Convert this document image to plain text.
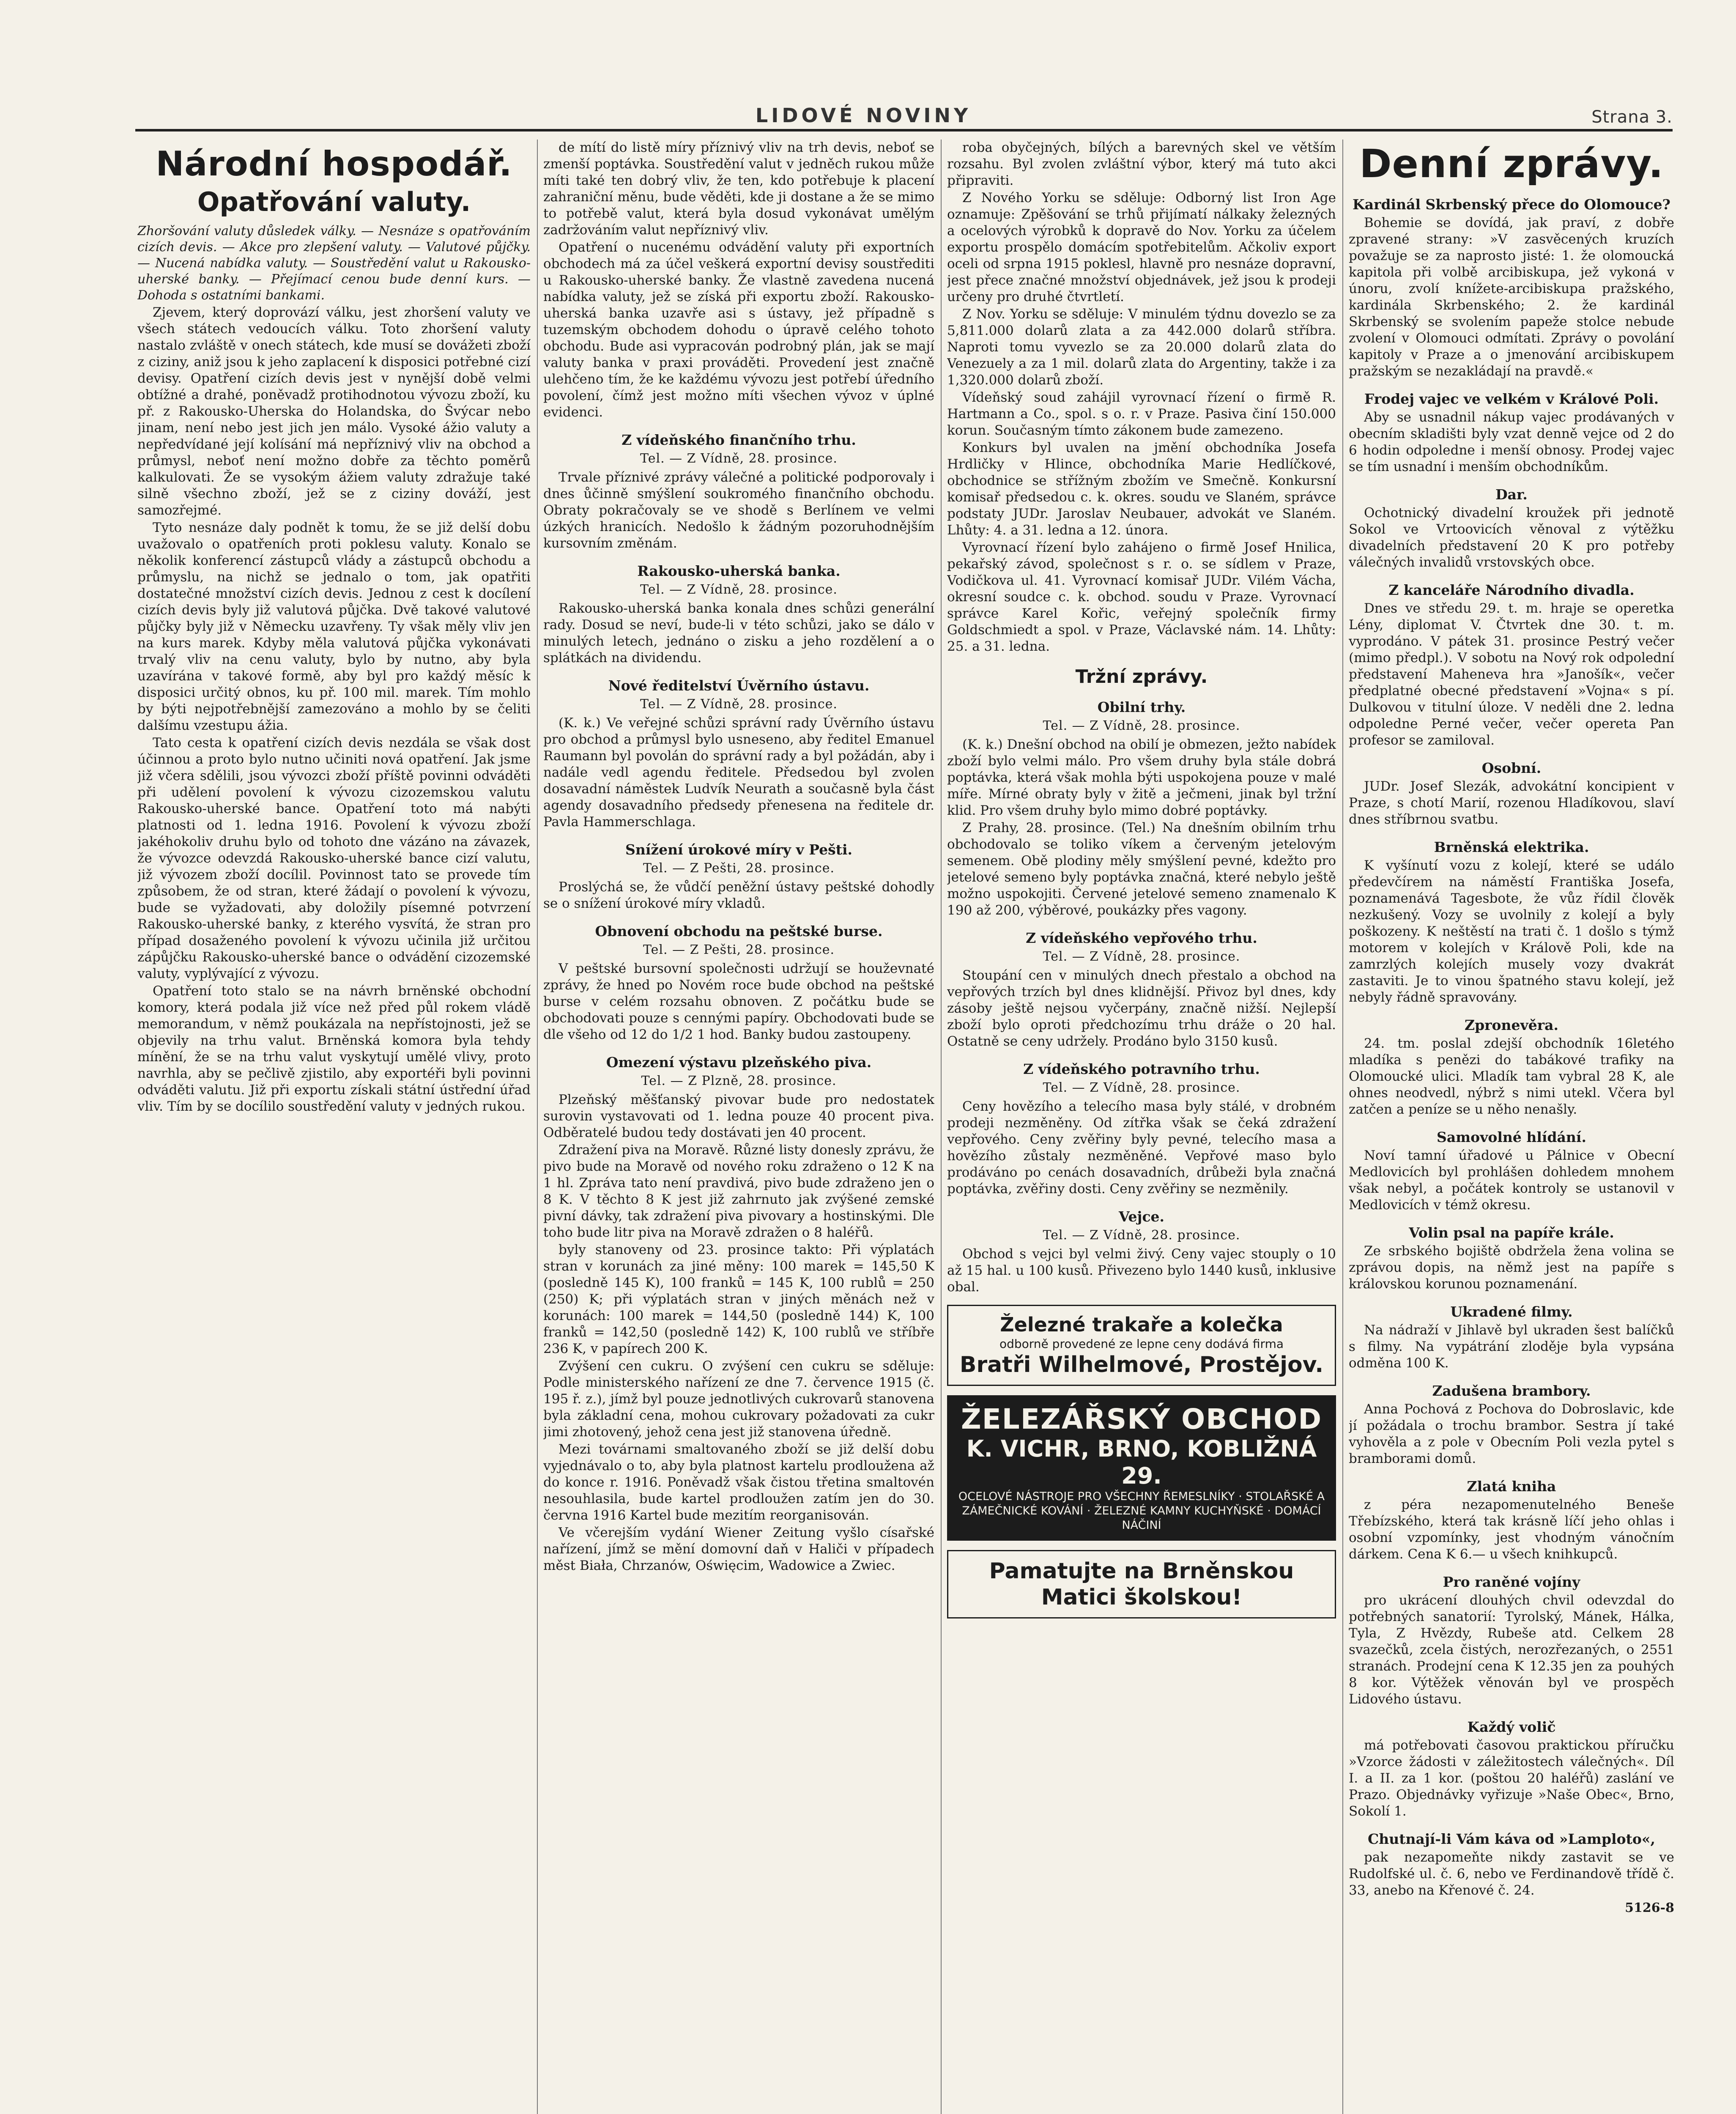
LIDOVÉ NOVINY	Strana 3.
Národní hospodář.
Opatřování valuty.

Zhoršování valuty důsledek války. — Nesnáze s opatřováním cizích devis. — Akce pro zlepšení valuty. — Valutové půjčky. — Nucená nabídka valuty. — Soustředění valut u Rakousko-uherské banky. — Přejímací cenou bude denní kurs. — Dohoda s ostatními bankami.

Zjevem, který doprovází válku, jest zhoršení valuty ve všech státech vedoucích válku. Toto zhoršení valuty nastalo zvláště v onech státech, kde musí se dovážeti zboží z ciziny, aniž jsou k jeho zaplacení k disposici potřebné cizí devisy. Opatření cizích devis jest v nynější době velmi obtížné a drahé, poněvadž protihodnotou vývozu zboží, ku př. z Rakousko-Uherska do Holandska, do Švýcar nebo jinam, není nebo jest jich jen málo. Vysoké ážio valuty a nepředvídané její kolísání má nepříznivý vliv na obchod a průmysl, neboť není možno dobře za těchto poměrů kalkulovati. Že se vysokým ážiem valuty zdražuje také silně všechno zboží, jež se z ciziny dováží, jest samozřejmé.

Tyto nesnáze daly podnět k tomu, že se již delší dobu uvažovalo o opatřeních proti poklesu valuty. Konalo se několik konferencí zástupců vlády a zástupců obchodu a průmyslu, na nichž se jednalo o tom, jak opatřiti dostatečné množství cizích devis. Jednou z cest k docílení cizích devis byly již valutová půjčka. Dvě takové valutové půjčky byly již v Německu uzavřeny. Ty však měly vliv jen na kurs marek. Kdyby měla valutová půjčka vykonávati trvalý vliv na cenu valuty, bylo by nutno, aby byla uzavírána v takové formě, aby byl pro každý měsíc k disposici určitý obnos, ku př. 100 mil. marek. Tím mohlo by býti nejpotřebnější zamezováno a mohlo by se čeliti dalšímu vzestupu ážia.

Tato cesta k opatření cizích devis nezdála se však dost účinnou a proto bylo nutno učiniti nová opatření. Jak jsme již včera sdělili, jsou vývozci zboží příště povinni odváděti při udělení povolení k vývozu cizozemskou valutu Rakousko-uherské bance. Opatření toto má nabýti platnosti od 1. ledna 1916. Povolení k vývozu zboží jakéhokoliv druhu bylo od tohoto dne vázáno na závazek, že vývozce odevzdá Rakousko-uherské bance cizí valutu, již vývozem zboží docílil. Povinnost tato se provede tím způsobem, že od stran, které žádají o povolení k vývozu, bude se vyžadovati, aby doložily písemné potvrzení Rakousko-uherské banky, z kterého vysvítá, že stran pro případ dosaženého povolení k vývozu učinila již určitou zápůjčku Rakousko-uherské bance o odvádění cizozemské valuty, vyplývající z vývozu.

Opatření toto stalo se na návrh brněnské obchodní komory, která podala již více než před půl rokem vládě memorandum, v němž poukázala na nepřístojnosti, jež se objevily na trhu valut. Brněnská komora byla tehdy mínění, že se na trhu valut vyskytují umělé vlivy, proto navrhla, aby se pečlivě zjistilo, aby exportéři byli povinni odváděti valutu. Již při exportu získali státní ústřední úřad vliv. Tím by se docílilo soustředění valuty v jedných rukou.

de mítí do listě míry příznivý vliv na trh devis, neboť se zmenší poptávka. Soustředění valut v jedněch rukou může míti také ten dobrý vliv, že ten, kdo potřebuje k placení zahraniční měnu, bude věděti, kde ji dostane a že se mimo to potřebě valut, která byla dosud vykonávat umělým zadržováním valut nepříznivý vliv.

Opatření o nucenému odvádění valuty při exportních obchodech má za účel veškerá exportní devisy soustřediti u Rakousko-uherské banky. Že vlastně zavedena nucená nabídka valuty, jež se získá při exportu zboží. Rakousko-uherská banka uzavře asi s ústavy, jež případně s tuzemským obchodem dohodu o úpravě celého tohoto obchodu. Bude asi vypracován podrobný plán, jak se mají valuty banka v praxi prováděti. Provedení jest značně ulehčeno tím, že ke každému vývozu jest potřebí úředního povolení, čímž jest možno míti všechen vývoz v úplné evidenci.

Z vídeňského finančního trhu.
Tel. — Z Vídně, 28. prosince.

Trvale příznivé zprávy válečné a politické podporovaly i dnes ůčinně smýšlení soukromého finančního obchodu. Obraty pokračovaly se ve shodě s Berlínem ve velmi úzkých hranicích. Nedošlo k žádným pozoruhodnějším kursovním změnám.

Rakousko-uherská banka.
Tel. — Z Vídně, 28. prosince.

Rakousko-uherská banka konala dnes schůzi generální rady. Dosud se neví, bude-li v této schůzi, jako se dálo v minulých letech, jednáno o zisku a jeho rozdělení a o splátkách na dividendu.

Nové ředitelství Úvěrního ústavu.
Tel. — Z Vídně, 28. prosince.

(K. k.) Ve veřejné schůzi správní rady Úvěrního ústavu pro obchod a průmysl bylo usneseno, aby ředitel Emanuel Raumann byl povolán do správní rady a byl požádán, aby i nadále vedl agendu ředitele. Předsedou byl zvolen dosavadní náměstek Ludvík Neurath a současně byla část agendy dosavadního předsedy přenesena na ředitele dr. Pavla Hammerschlaga.

Snížení úrokové míry v Pešti.
Tel. — Z Pešti, 28. prosince.

Proslýchá se, že vůdčí peněžní ústavy peštské dohodly se o snížení úrokové míry vkladů.

Obnovení obchodu na peštské burse.
Tel. — Z Pešti, 28. prosince.

V peštské bursovní společnosti udržují se houževnaté zprávy, že hned po Novém roce bude obchod na peštské burse v celém rozsahu obnoven. Z počátku bude se obchodovati pouze s cennými papíry. Obchodovati bude se dle všeho od 12 do 1/2 1 hod. Banky budou zastoupeny.

Omezení výstavu plzeňského piva.
Tel. — Z Plzně, 28. prosince.

Plzeňský měšťanský pivovar bude pro nedostatek surovin vystavovati od 1. ledna pouze 40 procent piva. Odběratelé budou tedy dostávati jen 40 procent.

Zdražení piva na Moravě. Různé listy donesly zprávu, že pivo bude na Moravě od nového roku zdraženo o 12 K na 1 hl. Zpráva tato není pravdivá, pivo bude zdraženo jen o 8 K. V těchto 8 K jest již zahrnuto jak zvýšené zemské pivní dávky, tak zdražení piva pivovary a hostinskými. Dle toho bude litr piva na Moravě zdražen o 8 haléřů.

byly stanoveny od 23. prosince takto: Při výplatách stran v korunách za jiné měny: 100 marek = 145,50 K (posledně 145 K), 100 franků = 145 K, 100 rublů = 250 (250) K; při výplatách stran v jiných měnách než v korunách: 100 marek = 144,50 (posledně 144) K, 100 franků = 142,50 (posledně 142) K, 100 rublů ve stříbře 236 K, v papírech 200 K.

Zvýšení cen cukru. O zvýšení cen cukru se sděluje: Podle ministerského nařízení ze dne 7. července 1915 (č. 195 ř. z.), jímž byl pouze jednotlivých cukrovarů stanovena byla základní cena, mohou cukrovary požadovati za cukr jimi zhotovený, jehož cena jest již stanovena úředně.

Mezi továrnami smaltovaného zboží se již delší dobu vyjednávalo o to, aby byla platnost kartelu prodloužena až do konce r. 1916. Poněvadž však čistou třetina smaltovén nesouhlasila, bude kartel prodloužen zatím jen do 30. června 1916 Kartel bude mezitím reorganisován.

Ve včerejším vydání Wiener Zeitung vyšlo císařské nařízení, jímž se mění domovní daň v Haliči v případech měst Biała, Chrzanów, Oświęcim, Wadowice a Zwiec.

roba obyčejných, bílých a barevných skel ve větším rozsahu. Byl zvolen zvláštní výbor, který má tuto akci připraviti.

Z Nového Yorku se sděluje: Odborný list Iron Age oznamuje: Zpěšování se trhů přijímatí nálkaky železných a ocelových výrobků k dopravě do Nov. Yorku za účelem exportu prospělo domácím spotřebitelům. Ačkoliv export oceli od srpna 1915 poklesl, hlavně pro nesnáze dopravní, jest přece značné množství objednávek, jež jsou k prodeji určeny pro druhé čtvrtletí.

Z Nov. Yorku se sděluje: V minulém týdnu dovezlo se za 5,811.000 dolarů zlata a za 442.000 dolarů stříbra. Naproti tomu vyvezlo se za 20.000 dolarů zlata do Venezuely a za 1 mil. dolarů zlata do Argentiny, takže i za 1,320.000 dolarů zboží.

Vídeňský soud zahájil vyrovnací řízení o firmě R. Hartmann a Co., spol. s o. r. v Praze. Pasiva činí 150.000 korun. Současným tímto zákonem bude zamezeno.

Konkurs byl uvalen na jmění obchodníka Josefa Hrdličky v Hlince, obchodníka Marie Hedlíčkové, obchodnice se střížným zbožím ve Smečně. Konkursní komisař předsedou c. k. okres. soudu ve Slaném, správce podstaty JUDr. Jaroslav Neubauer, advokát ve Slaném. Lhůty: 4. a 31. ledna a 12. února.

Vyrovnací řízení bylo zahájeno o firmě Josef Hnilica, pekařský závod, společnost s r. o. se sídlem v Praze, Vodičkova ul. 41. Vyrovnací komisař JUDr. Vilém Vácha, okresní soudce c. k. obchod. soudu v Praze. Vyrovnací správce Karel Kořic, veřejný společník firmy Goldschmiedt a spol. v Praze, Václavské nám. 14. Lhůty: 25. a 31. ledna.

Tržní zprávy.
Obilní trhy.
Tel. — Z Vídně, 28. prosince.

(K. k.) Dnešní obchod na obilí je obmezen, ježto nabídek zboží bylo velmi málo. Pro všem druhy byla stále dobrá poptávka, která však mohla býti uspokojena pouze v malé míře. Mírné obraty byly v žitě a ječmeni, jinak byl tržní klid. Pro všem druhy bylo mimo dobré poptávky.

Z Prahy, 28. prosince. (Tel.) Na dnešním obilním trhu obchodovalo se toliko víkem a červeným jetelovým semenem. Obě plodiny měly smýšlení pevné, kdežto pro jetelové semeno byly poptávka značná, které nebylo ještě možno uspokojiti. Červené jetelové semeno znamenalo K 190 až 200, výběrové, poukázky přes vagony.

Z vídeňského vepřového trhu.
Tel. — Z Vídně, 28. prosince.

Stoupání cen v minulých dnech přestalo a obchod na vepřových trzích byl dnes klidnější. Přivoz byl dnes, kdy zásoby ještě nejsou vyčerpány, značně nižší. Nejlepší zboží bylo oproti předchozímu trhu dráže o 20 hal. Ostatně se ceny udržely. Prodáno bylo 3150 kusů.

Z vídeňského potravního trhu.
Tel. — Z Vídně, 28. prosince.

Ceny hovězího a telecího masa byly stálé, v drobném prodeji nezměněny. Od zítřka však se čeká zdražení vepřového. Ceny zvěřiny byly pevné, telecího masa a hovězího zůstaly nezměněné. Vepřové maso bylo prodáváno po cenách dosavadních, drůbeži byla značná poptávka, zvěřiny dosti. Ceny zvěřiny se nezměnily.

Vejce.
Tel. — Z Vídně, 28. prosince.

Obchod s vejci byl velmi živý. Ceny vajec stouply o 10 až 15 hal. u 100 kusů. Přivezeno bylo 1440 kusů, inklusive obal.

Železné trakaře a kolečka
odborně provedené ze lepne ceny dodává firma
Bratři Wilhelmové, Prostějov.
ŽELEZÁŘSKÝ OBCHOD
K. VICHR, BRNO, KOBLIŽNÁ 29.
OCELOVÉ NÁSTROJE PRO VŠECHNY ŘEMESLNÍKY · STOLAŘSKÉ A ZÁMEČNICKÉ KOVÁNÍ · ŽELEZNÉ KAMNY KUCHYŇSKÉ · DOMÁCÍ NÁČINÍ
Pamatujte na Brněnskou
Matici školskou!
Denní zprávy.
Kardinál Skrbenský přece do Olomouce?

Bohemie se dovídá, jak praví, z dobře zpravené strany: »V zasvěcených kruzích považuje se za naprosto jisté: 1. že olomoucká kapitola při volbě arcibiskupa, jež vykoná v únoru, zvolí knížete-arcibiskupa pražského, kardinála Skrbenského; 2. že kardinál Skrbenský se svolením papeže stolce nebude zvolení v Olomouci odmítati. Zprávy o povolání kapitoly v Praze a o jmenování arcibiskupem pražským se nezakládají na pravdě.«

Frodej vajec ve velkém v Králové Poli.

Aby se usnadnil nákup vajec prodávaných v obecním skladišti byly vzat denně vejce od 2 do 6 hodin odpoledne i menší obnosy. Prodej vajec se tím usnadní i menším obchodníkům.

Dar.

Ochotnický divadelní kroužek při jednotě Sokol ve Vrtoovicích věnoval z výtěžku divadelních představení 20 K pro potřeby válečných invalidů vrstovských obce.

Z kanceláře Národního divadla.

Dnes ve středu 29. t. m. hraje se operetka Lény, diplomat V. Čtvrtek dne 30. t. m. vyprodáno. V pátek 31. prosince Pestrý večer (mimo předpl.). V sobotu na Nový rok odpolední představení Maheneva hra »Janošík«, večer předplatné obecné představení »Vojna« s pí. Dulkovou v titulní úloze. V neděli dne 2. ledna odpoledne Perné večer, večer opereta Pan profesor se zamiloval.

Osobní.

JUDr. Josef Slezák, advokátní koncipient v Praze, s chotí Marií, rozenou Hladíkovou, slaví dnes stříbrnou svatbu.

Brněnská elektrika.

K vyšínutí vozu z kolejí, které se událo předevčírem na náměstí Františka Josefa, poznamenává Tagesbote, že vůz řídil člověk nezkušený. Vozy se uvolnily z kolejí a byly poškozeny. K neštěstí na trati č. 1 došlo s týmž motorem v kolejích v Králově Poli, kde na zamrzlých kolejích musely vozy dvakrát zastaviti. Je to vinou špatného stavu kolejí, jež nebyly řádně spravovány.

Zpronevěra.

24. tm. poslal zdejší obchodník 16letého mladíka s penězi do tabákové trafiky na Olomoucké ulici. Mladík tam vybral 28 K, ale ohnes neodvedl, nýbrž s nimi utekl. Včera byl zatčen a peníze se u něho nenašly.

Samovolné hlídání.

Noví tamní úřadové u Pálnice v Obecní Medlovicích byl prohlášen dohledem mnohem však nebyl, a počátek kontroly se ustanovil v Medlovicích v témž okresu.

Volin psal na papíře krále.

Ze srbského bojiště obdržela žena volina se zprávou dopis, na němž jest na papíře s královskou korunou poznamenání.

Ukradené filmy.

Na nádraží v Jihlavě byl ukraden šest balíčků s filmy. Na vypátrání zloděje byla vypsána odměna 100 K.

Zadušena brambory.

Anna Pochová z Pochova do Dobroslavic, kde jí požádala o trochu brambor. Sestra jí také vyhověla a z pole v Obecním Poli vezla pytel s bramborami domů.

Zlatá kniha

z péra nezapomenutelného Beneše Třebízského, která tak krásně líčí jeho ohlas i osobní vzpomínky, jest vhodným vánočním dárkem. Cena K 6.— u všech knihkupců.

Pro raněné vojíny

pro ukrácení dlouhých chvil odevzdal do potřebných sanatorií: Tyrolský, Mánek, Hálka, Tyla, Z Hvězdy, Rubeše atd. Celkem 28 svazečků, zcela čistých, nerozřezaných, o 2551 stranách. Prodejní cena K 12.35 jen za pouhých 8 kor. Výtěžek věnován byl ve prospěch Lidového ústavu.

Každý volič

má potřebovati časovou praktickou příručku »Vzorce žádosti v záležitostech válečných«. Díl I. a II. za 1 kor. (poštou 20 haléřů) zaslání ve Prazo. Objednávky vyřizuje »Naše Obec«, Brno, Sokolí 1.

Chutnají-li Vám káva od »Lamploto«,

pak nezapomeňte nikdy zastavit se ve Rudolfské ul. č. 6, nebo ve Ferdinandově třídě č. 33, anebo na Křenové č. 24.

5126-8
